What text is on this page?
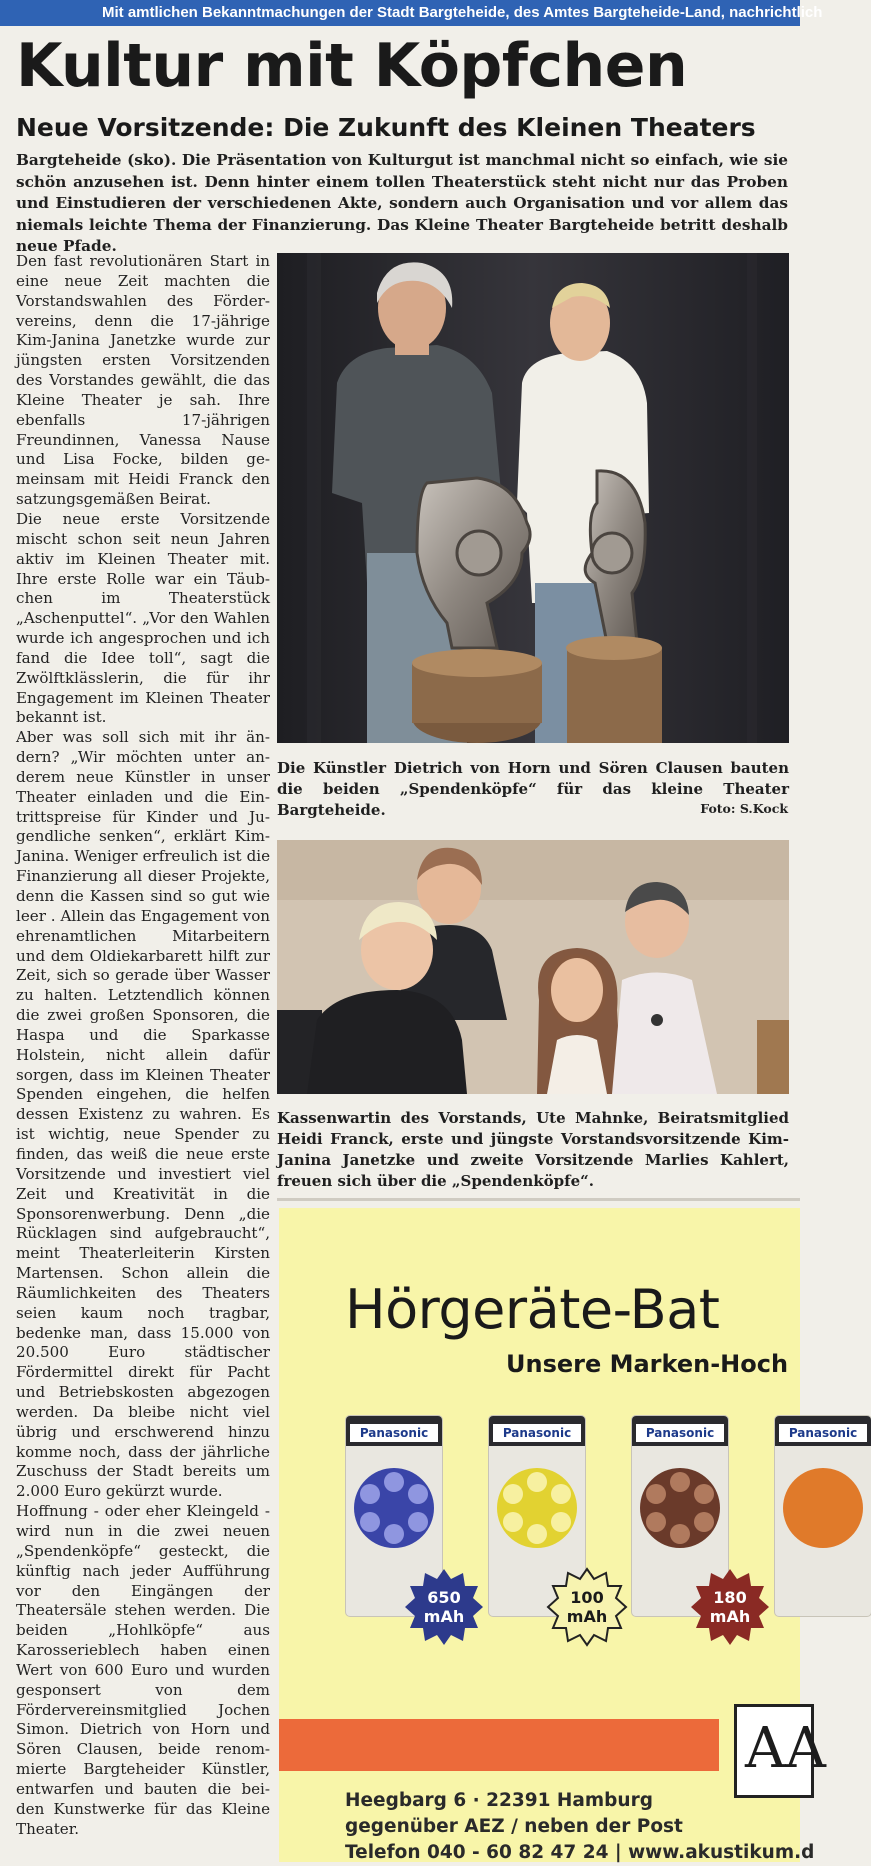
Mit amtlichen Bekanntmachungen der Stadt Bargteheide, des Amtes Bargteheide-Land, nachrichtlich
Kultur mit Köpfchen
Neue Vorsitzende: Die Zukunft des Kleinen Theaters
Bargteheide (sko). Die Präsentation von Kulturgut ist manchmal nicht so einfach, wie sie schön anzusehen ist. Denn hinter einem tollen Theaterstück steht nicht nur das Proben und Einstudieren der verschiedenen Akte, sondern auch Organisation und vor allem das niemals leichte Thema der Finanzierung. Das Kleine Theater Bargteheide betritt deshalb neue Pfade.

Den fast revolutionären Start in eine neue Zeit machten die Vorstandswahlen des Fördervereins, denn die 17-jährige Kim-Janina Janetzke wurde zur jüngsten ersten Vorsitzenden des Vorstandes gewählt, die das Kleine Theater je sah. Ihre ebenfalls 17-jährigen Freundinnen, Vanessa Nause und Lisa Focke, bilden gemeinsam mit Heidi Franck den satzungsgemäßen Beirat.

Die neue erste Vorsitzende mischt schon seit neun Jahren aktiv im Kleinen Theater mit. Ihre erste Rolle war ein Täubchen im Theaterstück „Aschenputtel“. „Vor den Wahlen wurde ich angesprochen und ich fand die Idee toll“, sagt die Zwölftklässlerin, die für ihr Engagement im Kleinen Theater bekannt ist.

Aber was soll sich mit ihr ändern? „Wir möchten unter anderem neue Künstler in unser Theater einladen und die Eintrittspreise für Kinder und Jugendliche senken“, erklärt Kim-Janina. Weniger erfreulich ist die Finanzierung all dieser Projekte, denn die Kassen sind so gut wie leer . Allein das Engagement von ehrenamtlichen Mitarbeitern und dem Oldiekarbarett hilft zur Zeit, sich so gerade über Wasser zu halten. Letztendlich können die zwei großen Sponsoren, die Haspa und die Sparkasse Holstein, nicht allein dafür sorgen, dass im Kleinen Theater Spenden eingehen, die helfen dessen Existenz zu wahren. Es ist wichtig, neue Spender zu finden, das weiß die neue erste Vorsitzende und investiert viel Zeit und Kreativität in die Sponsorenwerbung. Denn „die Rücklagen sind aufgebraucht“, meint Theaterleiterin Kirsten Martensen. Schon allein die Räumlichkeiten des Theaters seien kaum noch tragbar, bedenke man, dass 15.000 von 20.500 Euro städtischer Fördermittel direkt für Pacht und Betriebskosten abgezogen werden. Da bleibe nicht viel übrig und erschwerend hinzu komme noch, dass der jährliche Zuschuss der Stadt bereits um 2.000 Euro gekürzt wurde.

Hoffnung - oder eher Kleingeld - wird nun in die zwei neuen „Spendenköpfe“ gesteckt, die künftig nach jeder Aufführung vor den Eingängen der Theatersäle stehen werden. Die beiden „Hohlköpfe“ aus Karosserieblech haben einen Wert von 600 Euro und wurden gesponsert von dem Fördervereinsmitglied Jochen Simon. Dietrich von Horn und Sören Clausen, beide renommierte Bargteheider Künstler, entwarfen und bauten die beiden Kunstwerke für das Kleine Theater.

Die Künstler Dietrich von Horn und Sören Clausen bauten die beiden „Spendenköpfe“ für das kleine Theater Bargteheide.	Foto: S.Kock
Kassenwartin des Vorstands, Ute Mahnke, Beiratsmitglied Heidi Franck, erste und jüngste Vorstandsvorsitzende Kim-Janina Janetzke und zweite Vorsitzende Marlies Kahlert, freuen sich über die „Spendenköpfe“.
Hörgeräte-Bat
Unsere Marken-Hoch
Panasonic	Panasonic	Panasonic	Panasonic
650
mAh
100
mAh
180
mAh
AA
Heegbarg 6 · 22391 Hamburg
gegenüber AEZ / neben der Post
Telefon 040 - 60 82 47 24 | www.akustikum.d
